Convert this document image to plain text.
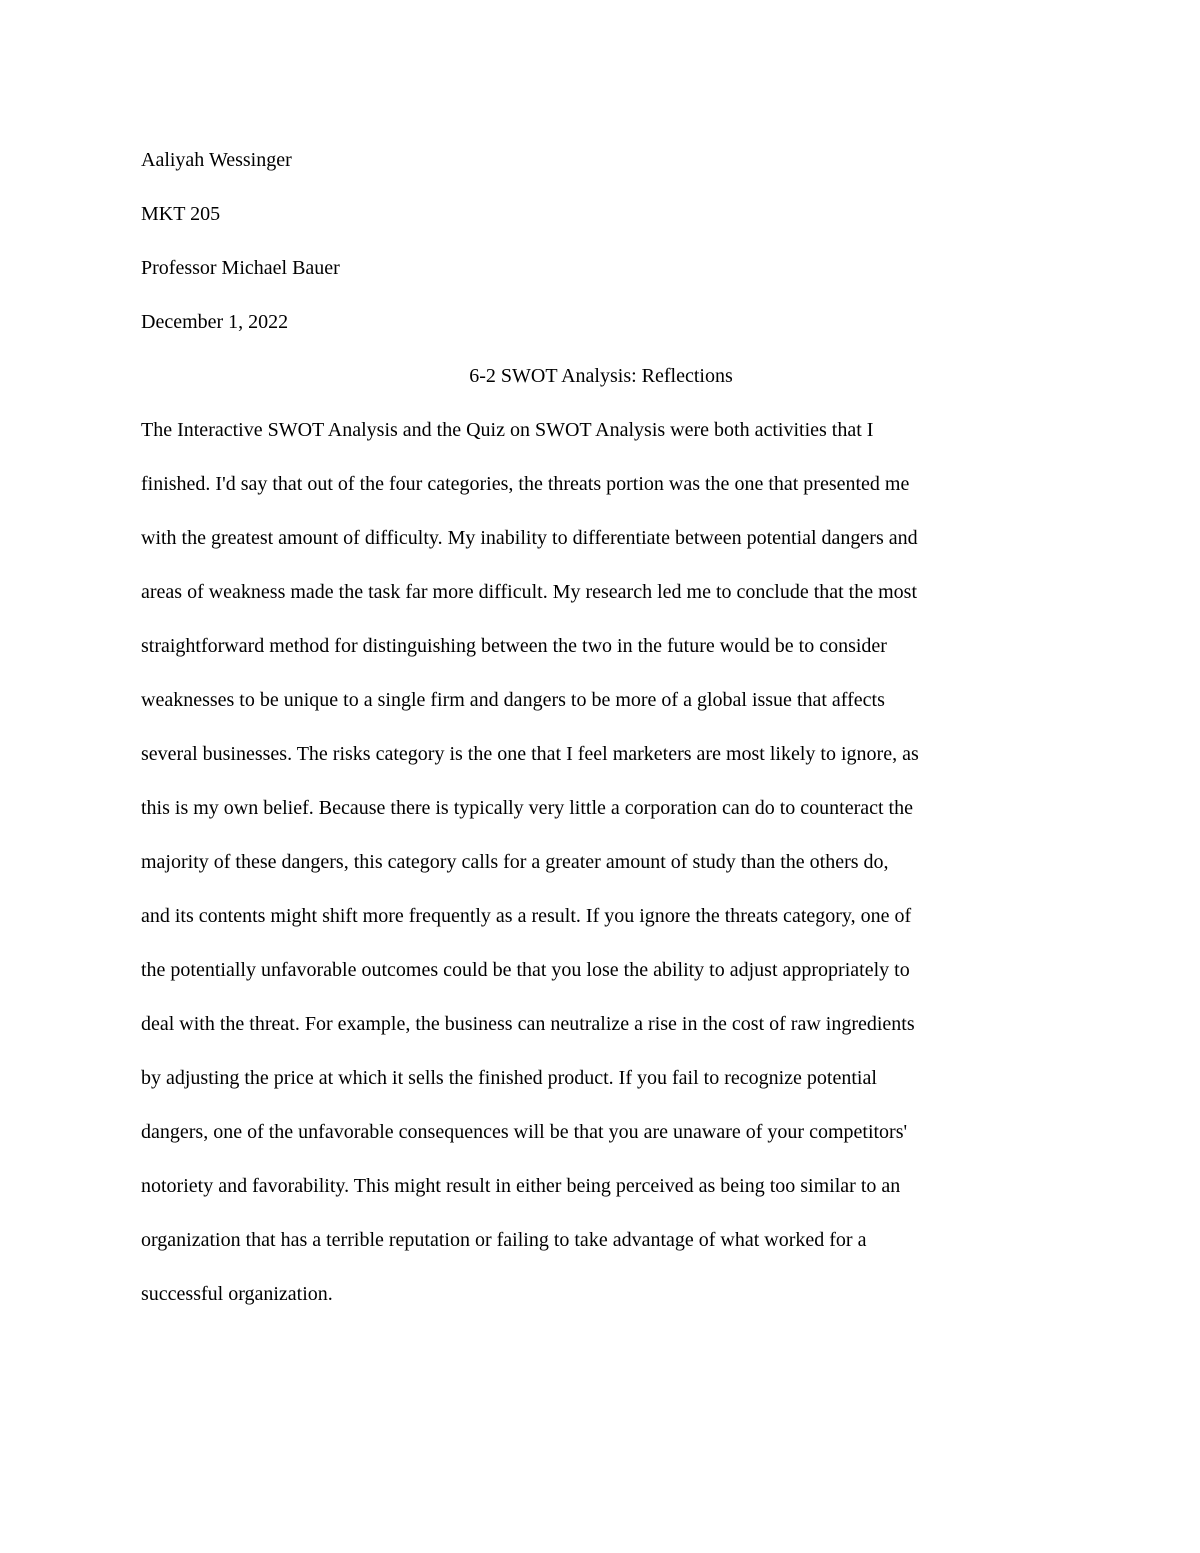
Aaliyah Wessinger

MKT 205

Professor Michael Bauer

December 1, 2022

6-2 SWOT Analysis: Reflections

The Interactive SWOT Analysis and the Quiz on SWOT Analysis were both activities that I

finished. I'd say that out of the four categories, the threats portion was the one that presented me

with the greatest amount of difficulty. My inability to differentiate between potential dangers and

areas of weakness made the task far more difficult. My research led me to conclude that the most

straightforward method for distinguishing between the two in the future would be to consider

weaknesses to be unique to a single firm and dangers to be more of a global issue that affects

several businesses. The risks category is the one that I feel marketers are most likely to ignore, as

this is my own belief. Because there is typically very little a corporation can do to counteract the

majority of these dangers, this category calls for a greater amount of study than the others do,

and its contents might shift more frequently as a result. If you ignore the threats category, one of

the potentially unfavorable outcomes could be that you lose the ability to adjust appropriately to

deal with the threat. For example, the business can neutralize a rise in the cost of raw ingredients

by adjusting the price at which it sells the finished product. If you fail to recognize potential

dangers, one of the unfavorable consequences will be that you are unaware of your competitors'

notoriety and favorability. This might result in either being perceived as being too similar to an

organization that has a terrible reputation or failing to take advantage of what worked for a

successful organization.
